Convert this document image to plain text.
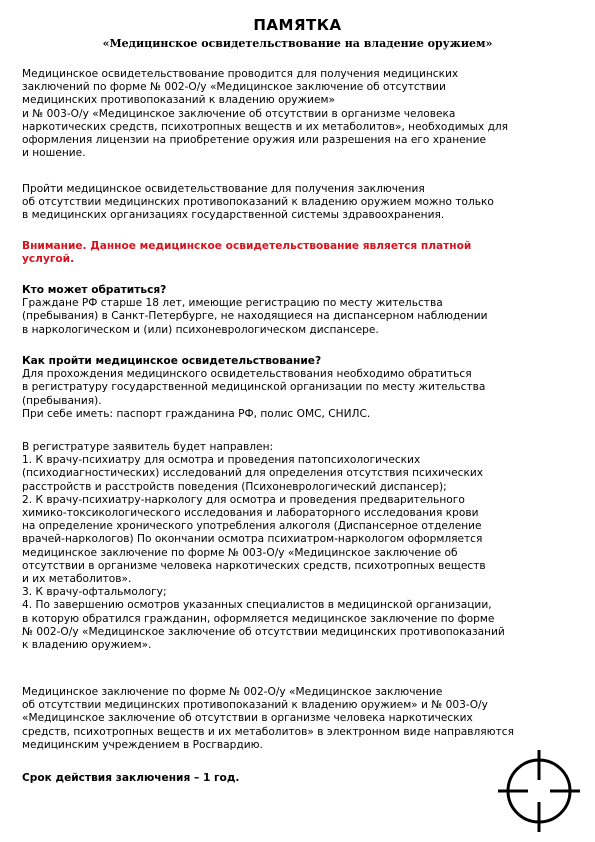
ПАМЯТКА
«Медицинское освидетельствование на владение оружием»
Медицинское освидетельствование проводится для получения медицинских
заключений по форме № 002-О/у «Медицинское заключение об отсутствии
медицинских противопоказаний к владению оружием»
и № 003-О/у «Медицинское заключение об отсутствии в организме человека
наркотических средств, психотропных веществ и их метаболитов», необходимых для
оформления лицензии на приобретение оружия или разрешения на его хранение
и ношение.
Пройти медицинское освидетельствование для получения заключения
об отсутствии медицинских противопоказаний к владению оружием можно только
в медицинских организациях государственной системы здравоохранения.
Внимание. Данное медицинское освидетельствование является платной
услугой.
Кто может обратиться?
Граждане РФ старше 18 лет, имеющие регистрацию по месту жительства
(пребывания) в Санкт-Петербурге, не находящиеся на диспансерном наблюдении
в наркологическом и (или) психоневрологическом диспансере.
Как пройти медицинское освидетельствование?
Для прохождения медицинского освидетельствования необходимо обратиться
в регистратуру государственной медицинской организации по месту жительства
(пребывания).
При себе иметь: паспорт гражданина РФ, полис ОМС, СНИЛС.
В регистратуре заявитель будет направлен:
1. К врачу-психиатру для осмотра и проведения патопсихологических
(психодиагностических) исследований для определения отсутствия психических
расстройств и расстройств поведения (Психоневрологический диспансер);
2. К врачу-психиатру-наркологу для осмотра и проведения предварительного
химико-токсикологического исследования и лабораторного исследования крови
на определение хронического употребления алкоголя (Диспансерное отделение
врачей-наркологов) По окончании осмотра психиатром-наркологом оформляется
медицинское заключение по форме № 003-О/у «Медицинское заключение об
отсутствии в организме человека наркотических средств, психотропных веществ
и их метаболитов».
3. К врачу-офтальмологу;
4. По завершению осмотров указанных специалистов в медицинской организации,
в которую обратился гражданин, оформляется медицинское заключение по форме
№ 002-О/у «Медицинское заключение об отсутствии медицинских противопоказаний
к владению оружием».
Медицинское заключение по форме № 002-О/у «Медицинское заключение
об отсутствии медицинских противопоказаний к владению оружием» и № 003-О/у
«Медицинское заключение об отсутствии в организме человека наркотических
средств, психотропных веществ и их метаболитов» в электронном виде направляются
медицинским учреждением в Росгвардию.
Срок действия заключения – 1 год.
